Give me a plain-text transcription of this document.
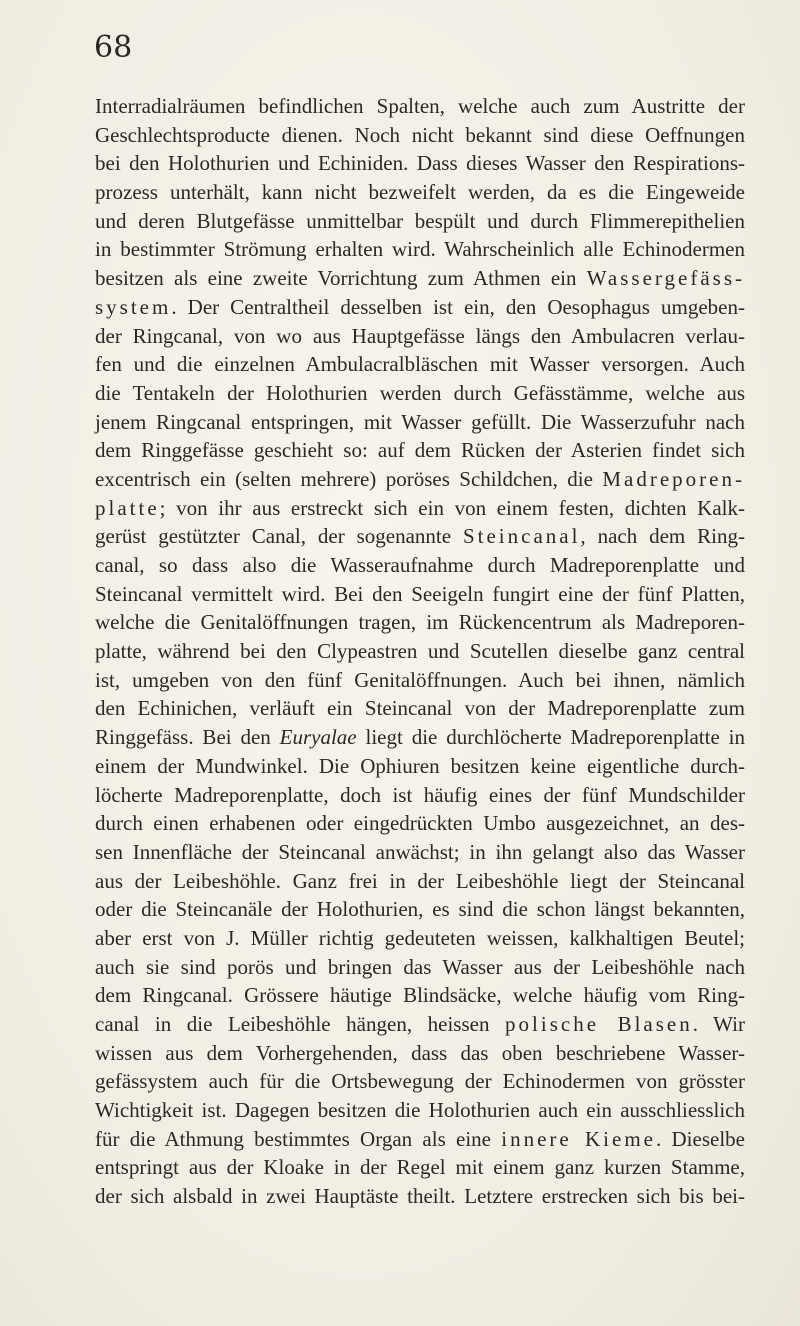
68
Interradialräumen befindlichen Spalten, welche auch zum Austritte der
Geschlechtsproducte dienen. Noch nicht bekannt sind diese Oeffnungen
bei den Holothurien und Echiniden. Dass dieses Wasser den Respirations-
prozess unterhält, kann nicht bezweifelt werden, da es die Eingeweide
und deren Blutgefässe unmittelbar bespült und durch Flimmerepithelien
in bestimmter Strömung erhalten wird. Wahrscheinlich alle Echinodermen
besitzen als eine zweite Vorrichtung zum Athmen ein Wassergefäss-
system. Der Centraltheil desselben ist ein, den Oesophagus umgeben-
der Ringcanal, von wo aus Hauptgefässe längs den Ambulacren verlau-
fen und die einzelnen Ambulacralbläschen mit Wasser versorgen. Auch
die Tentakeln der Holothurien werden durch Gefässtämme, welche aus
jenem Ringcanal entspringen, mit Wasser gefüllt. Die Wasserzufuhr nach
dem Ringgefässe geschieht so: auf dem Rücken der Asterien findet sich
excentrisch ein (selten mehrere) poröses Schildchen, die Madreporen-
platte; von ihr aus erstreckt sich ein von einem festen, dichten Kalk-
gerüst gestützter Canal, der sogenannte Steincanal, nach dem Ring-
canal, so dass also die Wasseraufnahme durch Madreporenplatte und
Steincanal vermittelt wird. Bei den Seeigeln fungirt eine der fünf Platten,
welche die Genitalöffnungen tragen, im Rückencentrum als Madreporen-
platte, während bei den Clypeastren und Scutellen dieselbe ganz central
ist, umgeben von den fünf Genitalöffnungen. Auch bei ihnen, nämlich
den Echinichen, verläuft ein Steincanal von der Madreporenplatte zum
Ringgefäss. Bei den Euryalae liegt die durchlöcherte Madreporenplatte in
einem der Mundwinkel. Die Ophiuren besitzen keine eigentliche durch-
löcherte Madreporenplatte, doch ist häufig eines der fünf Mundschilder
durch einen erhabenen oder eingedrückten Umbo ausgezeichnet, an des-
sen Innenfläche der Steincanal anwächst; in ihn gelangt also das Wasser
aus der Leibeshöhle. Ganz frei in der Leibeshöhle liegt der Steincanal
oder die Steincanäle der Holothurien, es sind die schon längst bekannten,
aber erst von J. Müller richtig gedeuteten weissen, kalkhaltigen Beutel;
auch sie sind porös und bringen das Wasser aus der Leibeshöhle nach
dem Ringcanal. Grössere häutige Blindsäcke, welche häufig vom Ring-
canal in die Leibeshöhle hängen, heissen polische Blasen. Wir
wissen aus dem Vorhergehenden, dass das oben beschriebene Wasser-
gefässystem auch für die Ortsbewegung der Echinodermen von grösster
Wichtigkeit ist. Dagegen besitzen die Holothurien auch ein ausschliesslich
für die Athmung bestimmtes Organ als eine innere Kieme. Dieselbe
entspringt aus der Kloake in der Regel mit einem ganz kurzen Stamme,
der sich alsbald in zwei Hauptäste theilt. Letztere erstrecken sich bis bei-
